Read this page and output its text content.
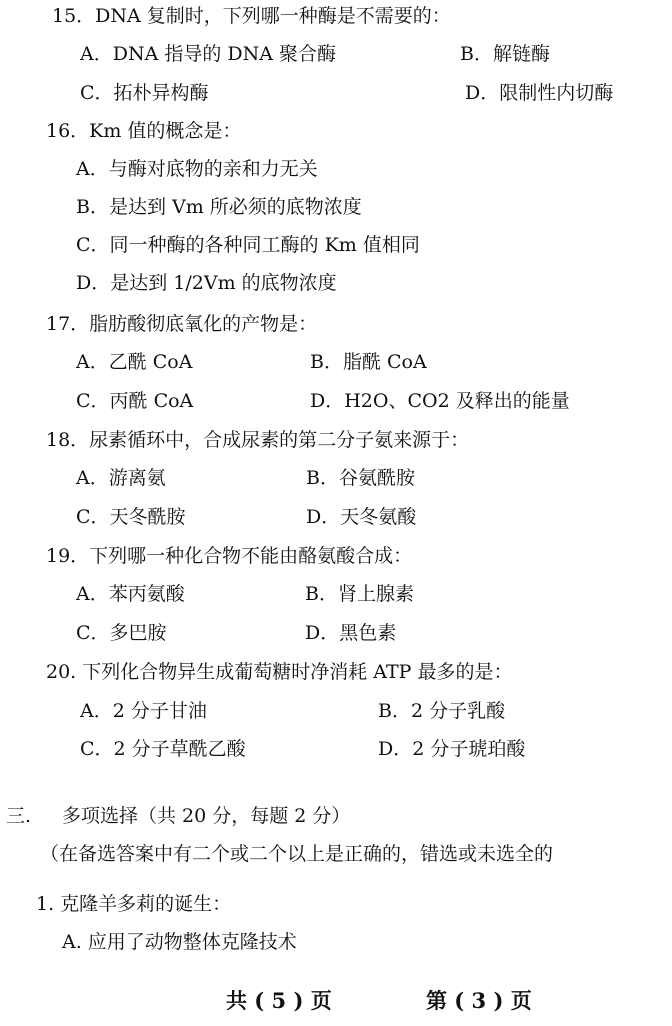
15．DNA 复制时，下列哪一种酶是不需要的：
A．DNA 指导的 DNA 聚合酶	B．解链酶
C．拓朴异构酶	D．限制性内切酶
16．Km 值的概念是：
A．与酶对底物的亲和力无关
B．是达到 Vm 所必须的底物浓度
C．同一种酶的各种同工酶的 Km 值相同
D．是达到 1/2Vm 的底物浓度
17．脂肪酸彻底氧化的产物是：
A．乙酰 CoA	B．脂酰 CoA
C．丙酰 CoA	D．H2O、CO2 及释出的能量
18．尿素循环中，合成尿素的第二分子氨来源于：
A．游离氨	B．谷氨酰胺
C．天冬酰胺	D．天冬氨酸
19．下列哪一种化合物不能由酪氨酸合成：
A．苯丙氨酸	B．肾上腺素
C．多巴胺	D．黑色素
20. 下列化合物异生成葡萄糖时净消耗 ATP 最多的是：
A．2 分子甘油	B．2 分子乳酸
C．2 分子草酰乙酸	D．2 分子琥珀酸
三. 多项选择（共 20 分，每题 2 分）
（在备选答案中有二个或二个以上是正确的，错选或未选全的
1. 克隆羊多莉的诞生：
A. 应用了动物整体克隆技术
共 ( 5 ) 页	第 ( 3 ) 页
